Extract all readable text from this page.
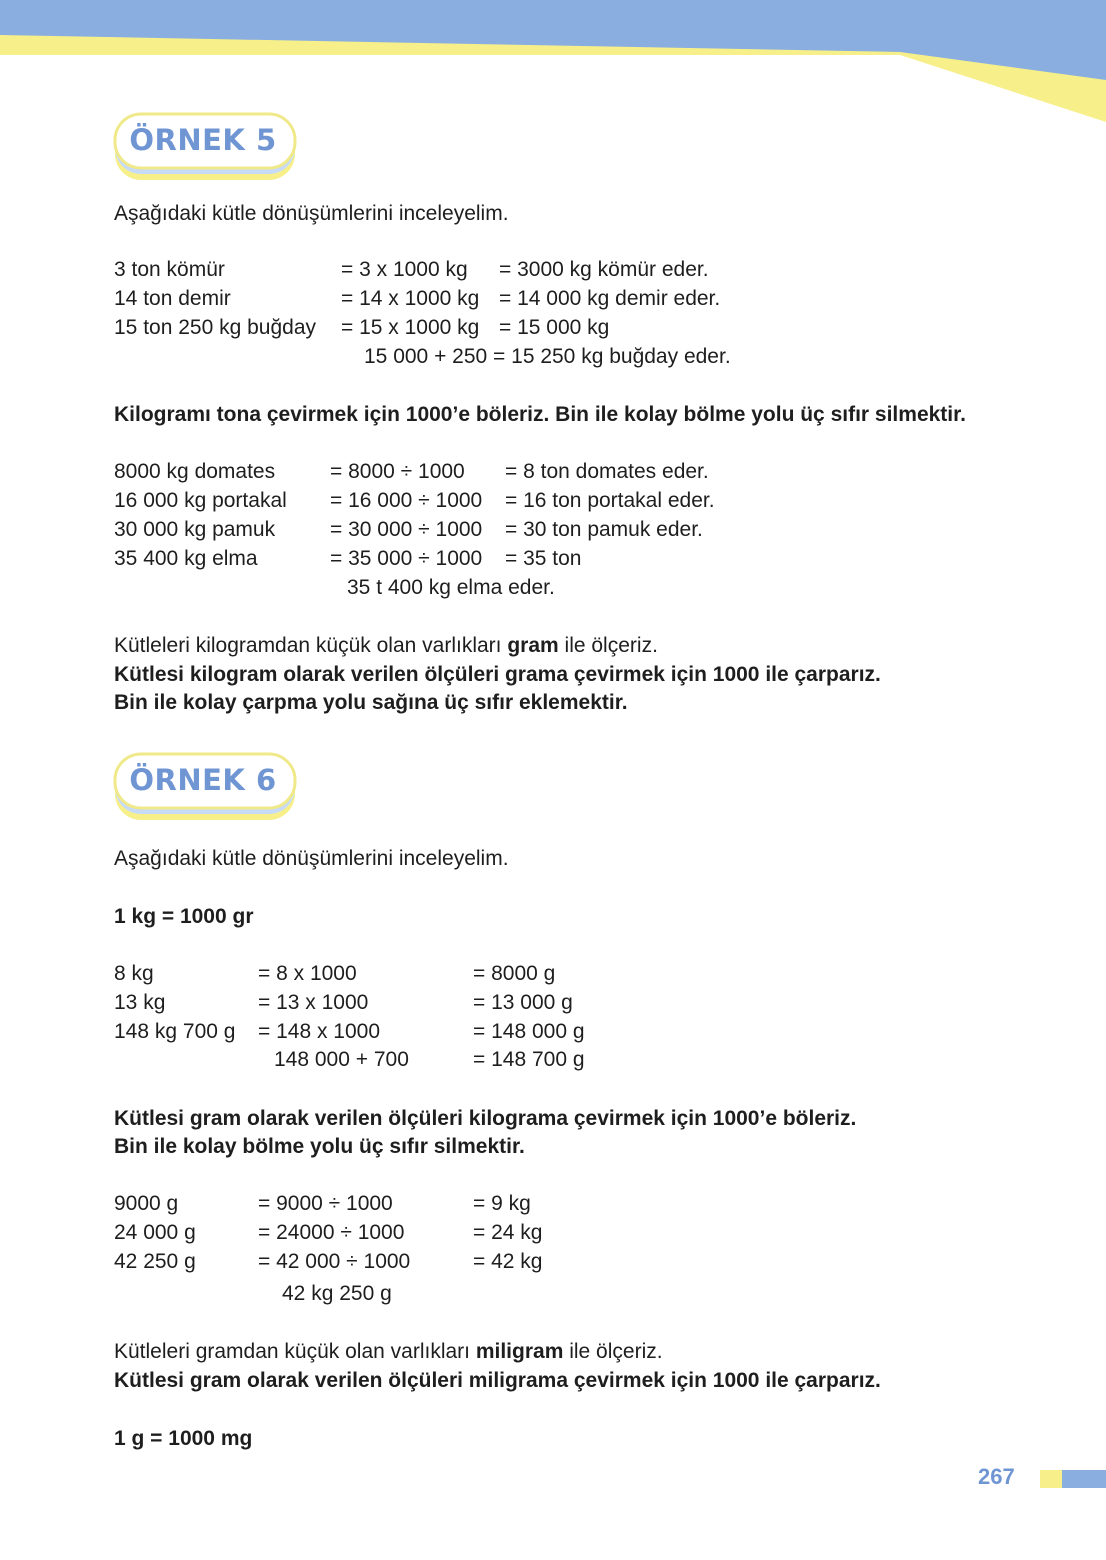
ÖRNEK 5
Aşağıdaki kütle dönüşümlerini inceleyelim.
3 ton kömür	= 3 x 1000 kg = 3000 kg kömür eder.
14 ton demir	= 14 x 1000 kg = 14 000 kg demir eder.
15 ton 250 kg buğday = 15 x 1000 kg = 15 000 kg
15 000 + 250 = 15 250 kg buğday eder.
Kilogramı tona çevirmek için 1000’e böleriz. Bin ile kolay bölme yolu üç sıfır silmektir.
8000 kg domates	= 8000 ÷ 1000 = 8 ton domates eder.
16 000 kg portakal = 16 000 ÷ 1000 = 16 ton portakal eder.
30 000 kg pamuk	= 30 000 ÷ 1000 = 30 ton pamuk eder.
35 400 kg elma	= 35 000 ÷ 1000 = 35 ton
35 t 400 kg elma eder.
Kütleleri kilogramdan küçük olan varlıkları gram ile ölçeriz.
Kütlesi kilogram olarak verilen ölçüleri grama çevirmek için 1000 ile çarparız.
Bin ile kolay çarpma yolu sağına üç sıfır eklemektir.
ÖRNEK 6
Aşağıdaki kütle dönüşümlerini inceleyelim.
1 kg = 1000 gr
8 kg	= 8 x 1000	= 8000 g
13 kg	= 13 x 1000	= 13 000 g
148 kg 700 g = 148 x 1000	= 148 000 g
148 000 + 700	= 148 700 g
Kütlesi gram olarak verilen ölçüleri kilograma çevirmek için 1000’e böleriz.
Bin ile kolay bölme yolu üç sıfır silmektir.
9000 g	= 9000 ÷ 1000	= 9 kg
24 000 g	= 24000 ÷ 1000	= 24 kg
42 250 g	= 42 000 ÷ 1000	= 42 kg
42 kg 250 g
Kütleleri gramdan küçük olan varlıkları miligram ile ölçeriz.
Kütlesi gram olarak verilen ölçüleri miligrama çevirmek için 1000 ile çarparız.
1 g = 1000 mg
267
